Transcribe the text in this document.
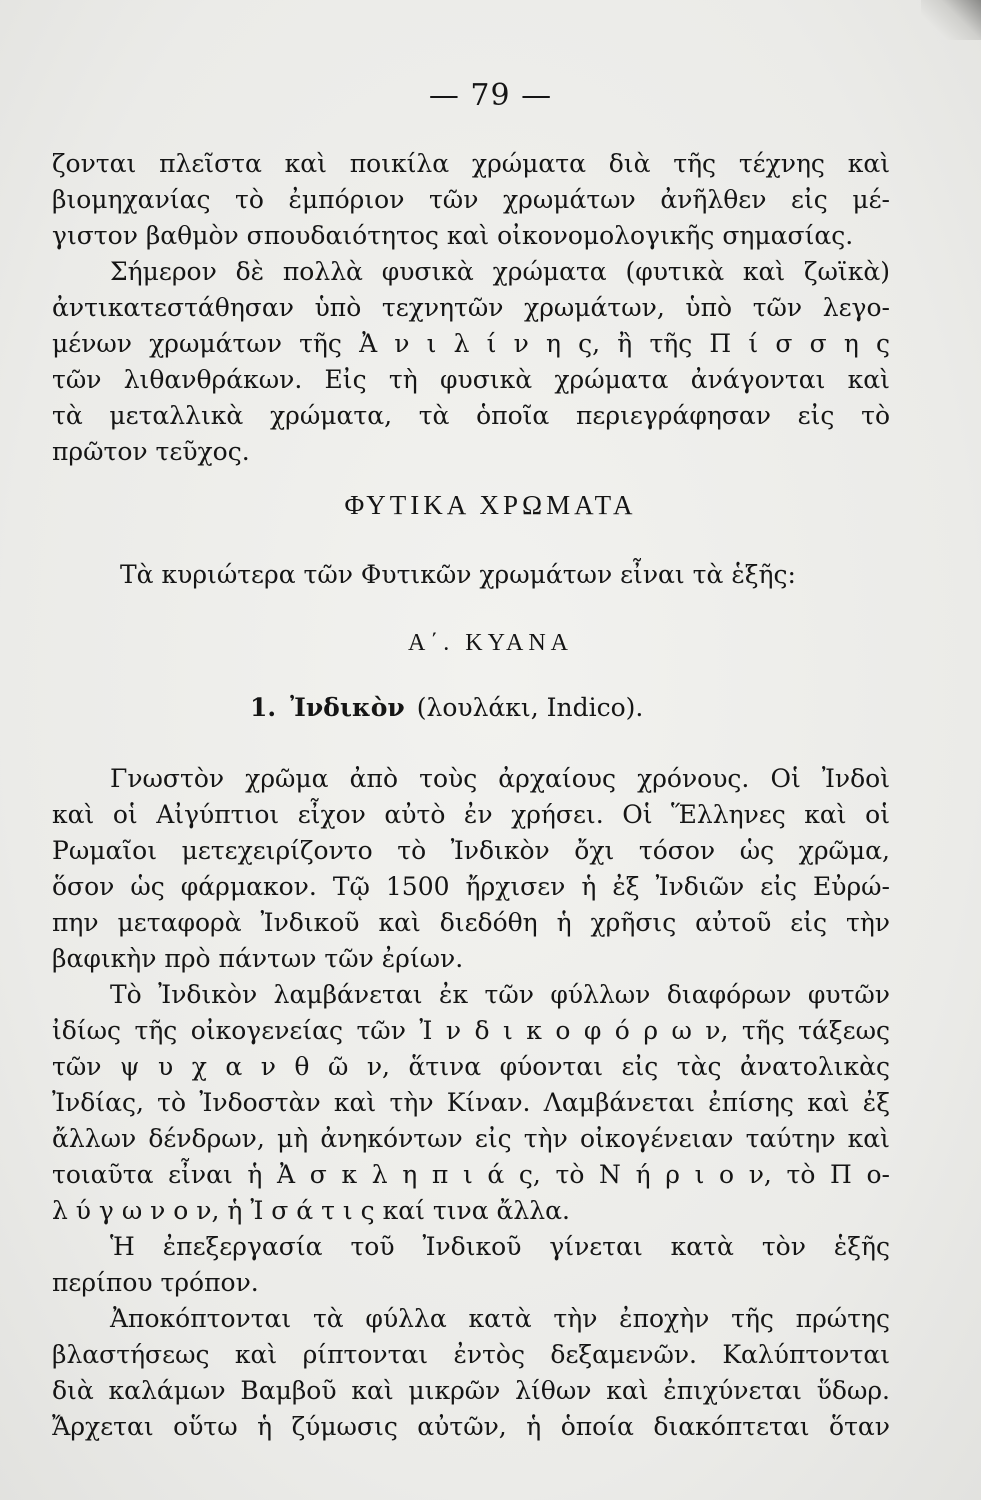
— 79 —
ζονται πλεῖστα καὶ ποικίλα χρώματα διὰ τῆς τέχνης καὶ
βιομηχανίας τὸ ἐμπόριον τῶν χρωμάτων ἀνῆλθεν εἰς μέ-
γιστον βαθμὸν σπουδαιότητος καὶ οἰκονομολογικῆς σημασίας.
Σήμερον δὲ πολλὰ φυσικὰ χρώματα (φυτικὰ καὶ ζωϊκὰ)
ἀντικατεστάθησαν ὑπὸ τεχνητῶν χρωμάτων, ὑπὸ τῶν λεγο-
μένων χρωμάτων τῆς Ἀ ν ι λ ί ν η ς, ἢ τῆς Π ί σ σ η ς
τῶν λιθανθράκων. Εἰς τὴ φυσικὰ χρώματα ἀνάγονται καὶ
τὰ μεταλλικὰ χρώματα, τὰ ὁποῖα περιεγράφησαν εἰς τὸ
πρῶτον τεῦχος.
ΦΥΤΙΚΑ ΧΡΩΜΑΤΑ
Τὰ κυριώτερα τῶν Φυτικῶν χρωμάτων εἶναι τὰ ἑξῆς:
Α΄. ΚΥΑΝΑ
1. Ἰνδικὸν (λουλάκι, Indico).
Γνωστὸν χρῶμα ἀπὸ τοὺς ἀρχαίους χρόνους. Οἱ Ἰνδοὶ
καὶ οἱ Αἰγύπτιοι εἶχον αὐτὸ ἐν χρήσει. Οἱ Ἕλληνες καὶ οἱ
Ρωμαῖοι μετεχειρίζοντο τὸ Ἰνδικὸν ὄχι τόσον ὡς χρῶμα,
ὅσον ὡς φάρμακον. Τῷ 1500 ἤρχισεν ἡ ἐξ Ἰνδιῶν εἰς Εὐρώ-
πην μεταφορὰ Ἰνδικοῦ καὶ διεδόθη ἡ χρῆσις αὐτοῦ εἰς τὴν
βαφικὴν πρὸ πάντων τῶν ἐρίων.
Τὸ Ἰνδικὸν λαμβάνεται ἐκ τῶν φύλλων διαφόρων φυτῶν
ἰδίως τῆς οἰκογενείας τῶν Ἰ ν δ ι κ ο φ ό ρ ω ν, τῆς τάξεως
τῶν ψ υ χ α ν θ ῶ ν, ἅτινα φύονται εἰς τὰς ἀνατολικὰς
Ἰνδίας, τὸ Ἰνδοστὰν καὶ τὴν Κίναν. Λαμβάνεται ἐπίσης καὶ ἐξ
ἄλλων δένδρων, μὴ ἀνηκόντων εἰς τὴν οἰκογένειαν ταύτην καὶ
τοιαῦτα εἶναι ἡ Ἀ σ κ λ η π ι ά ς, τὸ Ν ή ρ ι ο ν, τὸ Π ο-
λ ύ γ ω ν ο ν, ἡ Ἰ σ ά τ ι ς καί τινα ἄλλα.
Ἡ ἐπεξεργασία τοῦ Ἰνδικοῦ γίνεται κατὰ τὸν ἑξῆς
περίπου τρόπον.
Ἀποκόπτονται τὰ φύλλα κατὰ τὴν ἐποχὴν τῆς πρώτης
βλαστήσεως καὶ ρίπτονται ἐντὸς δεξαμενῶν. Καλύπτονται
διὰ καλάμων Βαμβοῦ καὶ μικρῶν λίθων καὶ ἐπιχύνεται ὕδωρ.
Ἄρχεται οὕτω ἡ ζύμωσις αὐτῶν, ἡ ὁποία διακόπτεται ὅταν
